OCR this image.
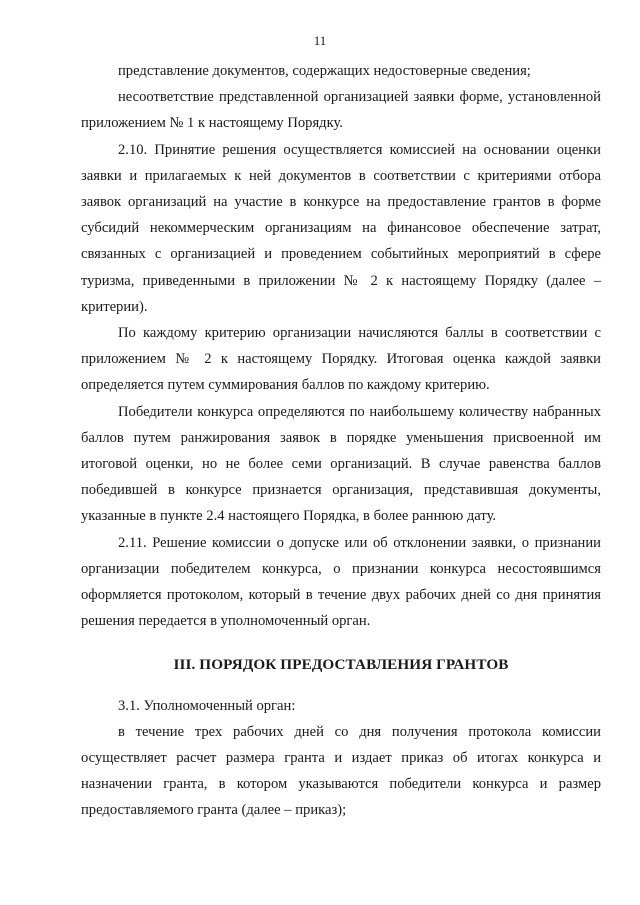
11

представление документов, содержащих недостоверные сведения;

несоответствие представленной организацией заявки форме, установленной приложением № 1 к настоящему Порядку.

2.10. Принятие решения осуществляется комиссией на основании оценки заявки и прилагаемых к ней документов в соответствии с критериями отбора заявок организаций на участие в конкурсе на предоставление грантов в форме субсидий некоммерческим организациям на финансовое обеспечение затрат, связанных с организацией и проведением событийных мероприятий в сфере туризма, приведенными в приложении № 2 к настоящему Порядку (далее – критерии).

По каждому критерию организации начисляются баллы в соответствии с приложением № 2 к настоящему Порядку. Итоговая оценка каждой заявки определяется путем суммирования баллов по каждому критерию.

Победители конкурса определяются по наибольшему количеству набранных баллов путем ранжирования заявок в порядке уменьшения присвоенной им итоговой оценки, но не более семи организаций. В случае равенства баллов победившей в конкурсе признается организация, представившая документы, указанные в пункте 2.4 настоящего Порядка, в более раннюю дату.

2.11. Решение комиссии о допуске или об отклонении заявки, о признании организации победителем конкурса, о признании конкурса несостоявшимся оформляется протоколом, который в течение двух рабочих дней со дня принятия решения передается в уполномоченный орган.

III. ПОРЯДОК ПРЕДОСТАВЛЕНИЯ ГРАНТОВ

3.1. Уполномоченный орган:

в течение трех рабочих дней со дня получения протокола комиссии осуществляет расчет размера гранта и издает приказ об итогах конкурса и назначении гранта, в котором указываются победители конкурса и размер предоставляемого гранта (далее – приказ);
